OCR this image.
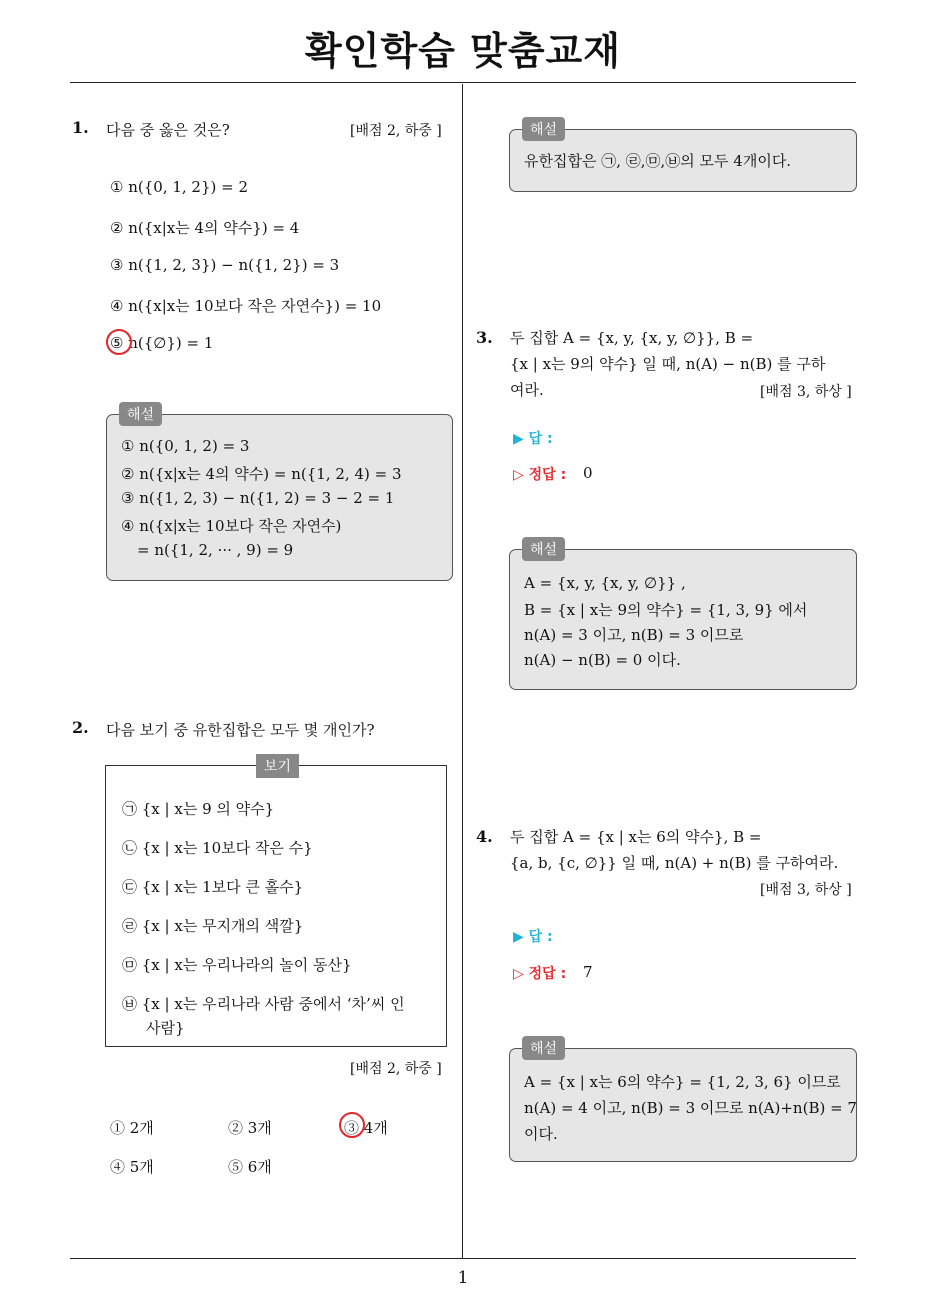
확인학습 맞춤교재
1
1. 다음 중 옳은 것은?	[배점 2, 하중 ]
① n({0, 1, 2}) = 2
② n({x|x는 4의 약수}) = 4
③ n({1, 2, 3}) − n({1, 2}) = 3
④ n({x|x는 10보다 작은 자연수}) = 10
⑤ n({∅}) = 1
해설
① n({0, 1, 2) = 3
② n({x|x는 4의 약수) = n({1, 2, 4) = 3
③ n({1, 2, 3) − n({1, 2) = 3 − 2 = 1
④ n({x|x는 10보다 작은 자연수)
= n({1, 2, ··· , 9) = 9
2. 다음 보기 중 유한집합은 모두 몇 개인가?
보기
㉠ {x | x는 9 의 약수}
㉡ {x | x는 10보다 작은 수}
㉢ {x | x는 1보다 큰 홀수}
㉣ {x | x는 무지개의 색깔}
㉤ {x | x는 우리나라의 놀이 동산}
㉥ {x | x는 우리나라 사람 중에서 ‘차’씨 인
사람}
[배점 2, 하중 ]
① 2개	② 3개	③ 4개
④ 5개	⑤ 6개
해설
유한집합은 ㉠, ㉣,㉤,㉥의 모두 4개이다.
3. 두 집합 A = {x, y, {x, y, ∅}}, B =
{x | x는 9의 약수} 일 때, n(A) − n(B) 를 구하
여라.	[배점 3, 하상 ]
▶ 답 :
▷ 정답 : 0
해설
A = {x, y, {x, y, ∅}} ,
B = {x | x는 9의 약수} = {1, 3, 9} 에서
n(A) = 3 이고, n(B) = 3 이므로
n(A) − n(B) = 0 이다.
4. 두 집합 A = {x | x는 6의 약수}, B =
{a, b, {c, ∅}} 일 때, n(A) + n(B) 를 구하여라.
[배점 3, 하상 ]
▶ 답 :
▷ 정답 : 7
해설
A = {x | x는 6의 약수} = {1, 2, 3, 6} 이므로
n(A) = 4 이고, n(B) = 3 이므로 n(A)+n(B) = 7
이다.
